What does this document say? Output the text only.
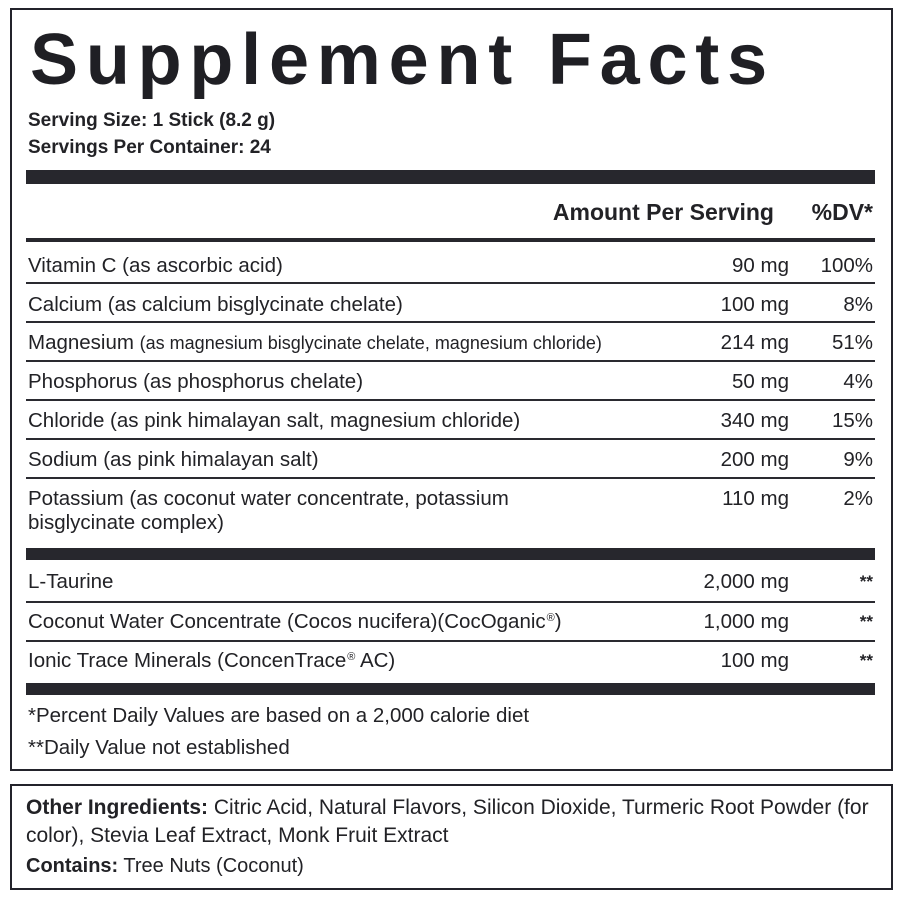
Supplement Facts
Serving Size: 1 Stick (8.2 g)
Servings Per Container: 24
Amount Per Serving %DV*
Vitamin C (as ascorbic acid)	90 mg 100%
Calcium (as calcium bisglycinate chelate)	100 mg	8%
Magnesium (as magnesium bisglycinate chelate, magnesium chloride)	214 mg 51%
Phosphorus (as phosphorus chelate)	50 mg	4%
Chloride (as pink himalayan salt, magnesium chloride)	340 mg 15%
Sodium (as pink himalayan salt)	200 mg	9%
Potassium (as coconut water concentrate, potassium bisglycinate complex)
110 mg	2%
L-Taurine	2,000 mg	**
Coconut Water Concentrate (Cocos nucifera)(CocOganic®)	1,000 mg	**
Ionic Trace Minerals (ConcenTrace® AC)	100 mg	**
*Percent Daily Values are based on a 2,000 calorie diet
**Daily Value not established
Other Ingredients: Citric Acid, Natural Flavors, Silicon Dioxide, Turmeric Root Powder (for color), Stevia Leaf Extract, Monk Fruit Extract
Contains: Tree Nuts (Coconut)
